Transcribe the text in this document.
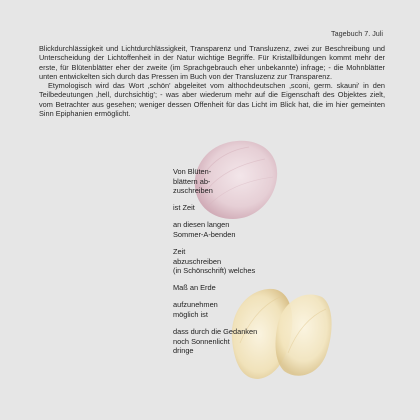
Tagebuch 7. Juli

Blickdurchlässigkeit und Lichtdurchlässigkeit, Transparenz und Transluzenz, zwei zur Beschreibung und Unterscheidung der Lichtoffenheit in der Natur wichtige Begriffe. Für Kristallbildungen kommt mehr der erste, für Blütenblätter eher der zweite (im Sprachgebrauch eher unbekannte) infrage; - die Mohnblätter unten entwickelten sich durch das Pressen im Buch von der Transluzenz zur Transparenz.

Etymologisch wird das Wort ‚schön' abgeleitet vom althochdeutschen ‚sconi, germ. skauni' in den Teilbedeutungen ‚hell, durchsichtig'; - was aber wiederum mehr auf die Eigenschaft des Objektes zielt, vom Betrachter aus gesehen; weniger dessen Offenheit für das Licht im Blick hat, die im hier gemeinten Sinn Epiphanien ermöglicht.

Von Blüten-
blättern ab-
zuschreiben
ist Zeit
an diesen langen
Sommer-A-benden
Zeit
abzuschreiben
(in Schönschrift) welches
Maß an Erde
aufzunehmen
möglich ist
dass durch die Gedanken
noch Sonnenlicht
dringe
